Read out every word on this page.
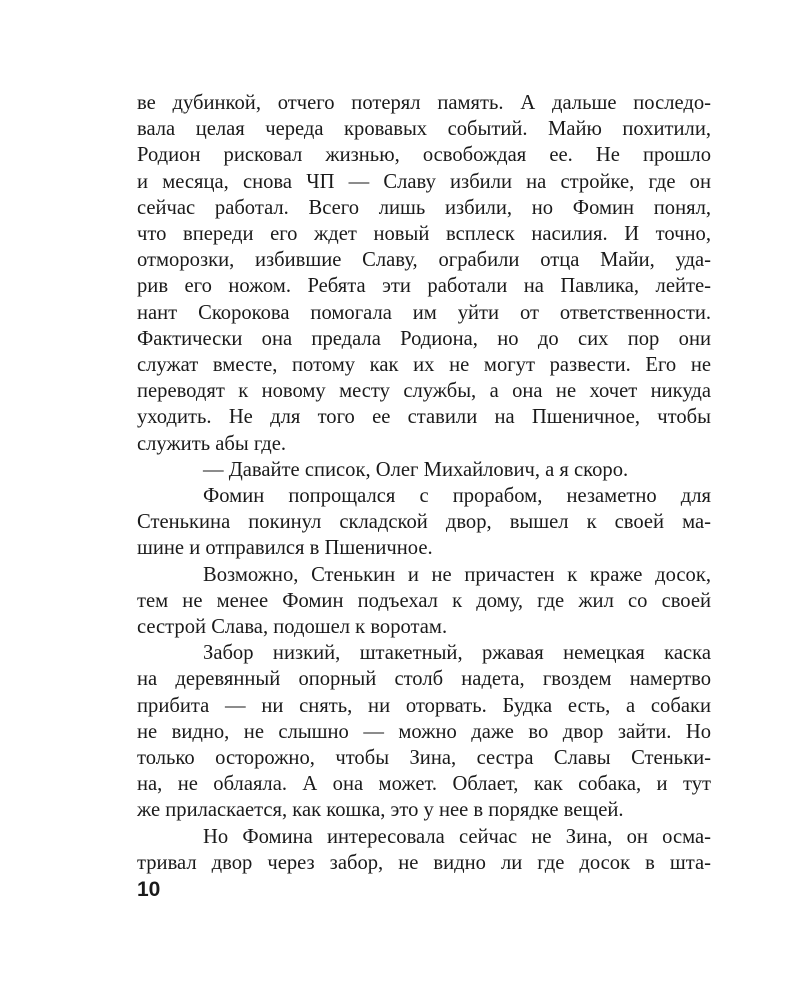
ве дубинкой, отчего потерял память. А дальше последо-
вала целая череда кровавых событий. Майю похитили,
Родион рисковал жизнью, освобождая ее. Не прошло
и месяца, снова ЧП — Славу избили на стройке, где он
сейчас работал. Всего лишь избили, но Фомин понял,
что впереди его ждет новый всплеск насилия. И точно,
отморозки, избившие Славу, ограбили отца Майи, уда-
рив его ножом. Ребята эти работали на Павлика, лейте-
нант Скорокова помогала им уйти от ответственности.
Фактически она предала Родиона, но до сих пор они
служат вместе, потому как их не могут развести. Его не
переводят к новому месту службы, а она не хочет никуда
уходить. Не для того ее ставили на Пшеничное, чтобы
служить абы где.
— Давайте список, Олег Михайлович, а я скоро.
Фомин попрощался с прорабом, незаметно для
Стенькина покинул складской двор, вышел к своей ма-
шине и отправился в Пшеничное.
Возможно, Стенькин и не причастен к краже досок,
тем не менее Фомин подъехал к дому, где жил со своей
сестрой Слава, подошел к воротам.
Забор низкий, штакетный, ржавая немецкая каска
на деревянный опорный столб надета, гвоздем намертво
прибита — ни снять, ни оторвать. Будка есть, а собаки
не видно, не слышно — можно даже во двор зайти. Но
только осторожно, чтобы Зина, сестра Славы Стеньки-
на, не облаяла. А она может. Облает, как собака, и тут
же приласкается, как кошка, это у нее в порядке вещей.
Но Фомина интересовала сейчас не Зина, он осма-
тривал двор через забор, не видно ли где досок в шта-
10
